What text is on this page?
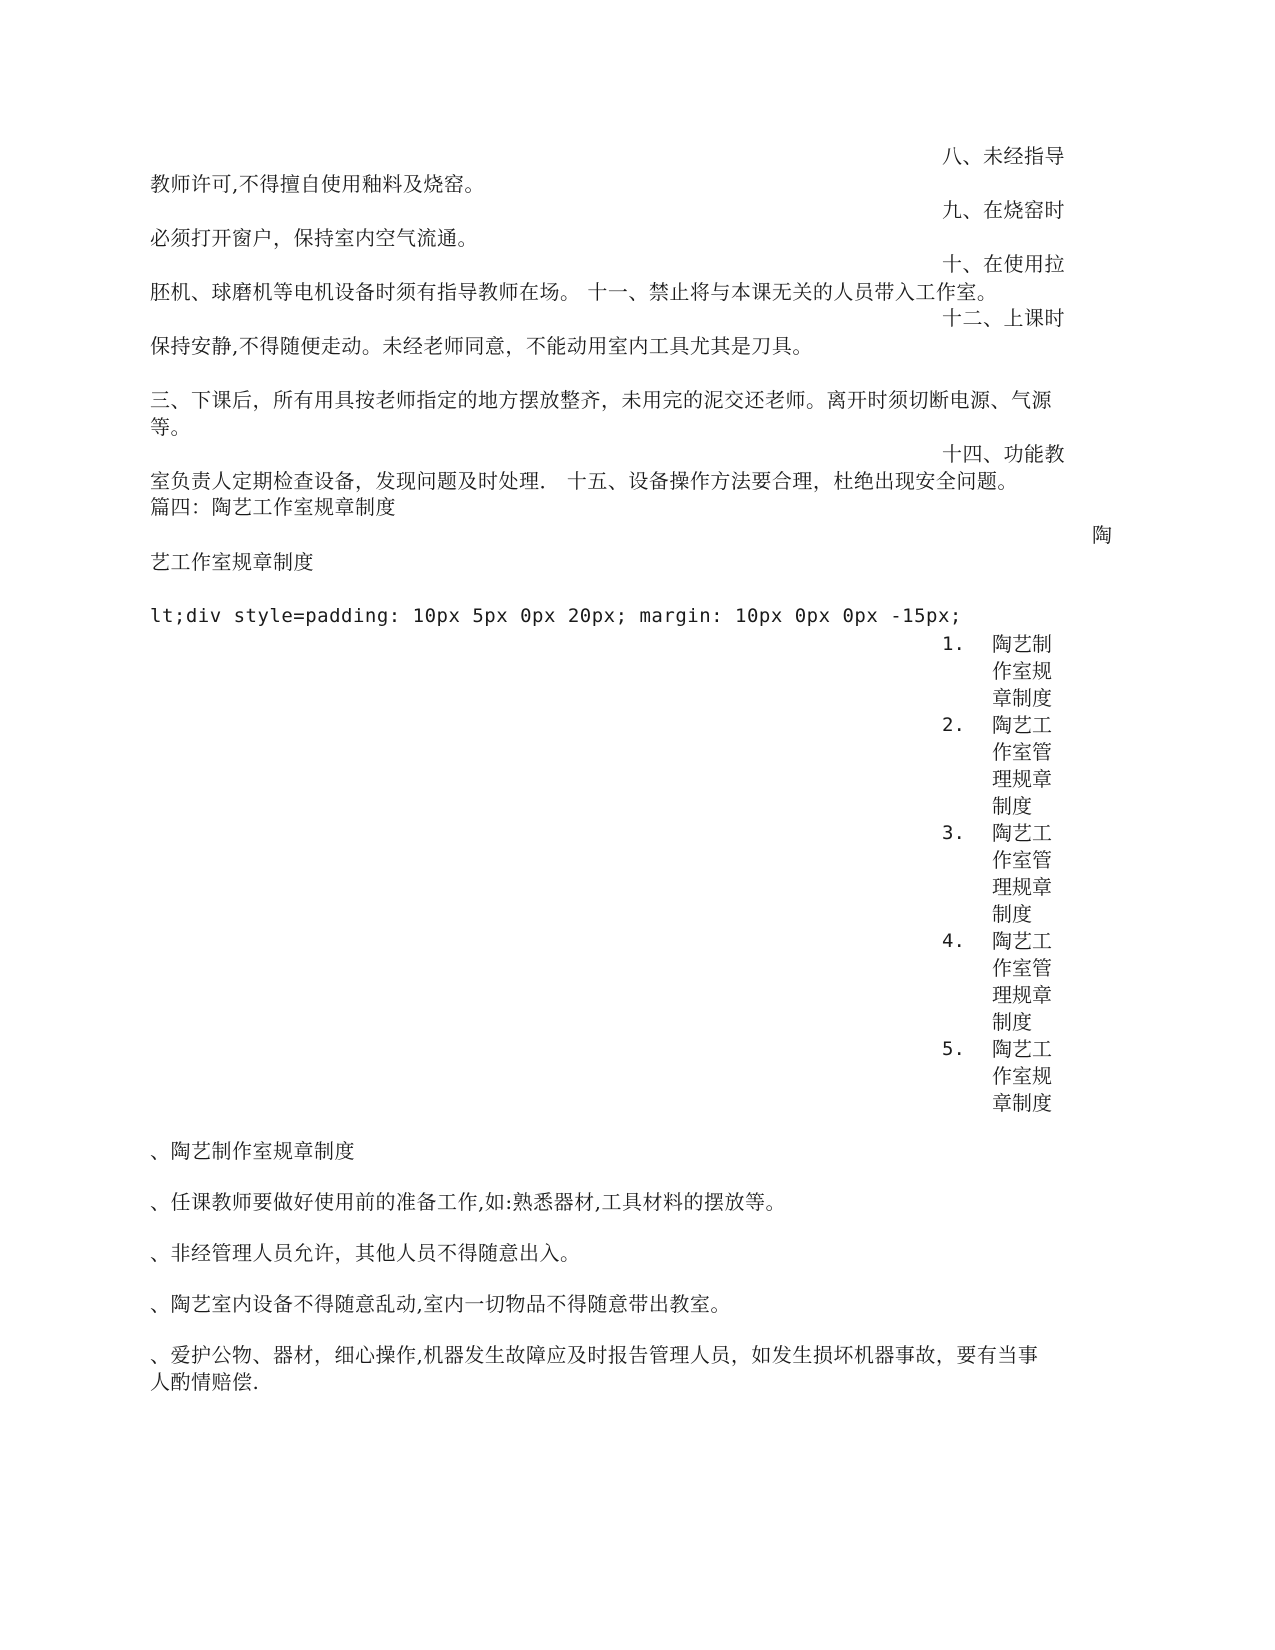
八、未经指导
教师许可,不得擅自使用釉料及烧窑。
九、在烧窑时
必须打开窗户，保持室内空气流通。
十、在使用拉
胚机、球磨机等电机设备时须有指导教师在场。 十一、禁止将与本课无关的人员带入工作室。
十二、上课时
保持安静,不得随便走动。未经老师同意，不能动用室内工具尤其是刀具。
三、下课后，所有用具按老师指定的地方摆放整齐，未用完的泥交还老师。离开时须切断电源、气源
等。
十四、功能教
室负责人定期检查设备，发现问题及时处理． 十五、设备操作方法要合理，杜绝出现安全问题。
篇四：陶艺工作室规章制度
陶
艺工作室规章制度
lt;div style=padding: 10px 5px 0px 20px; margin: 10px 0px 0px -15px;
1. 陶艺制
作室规
章制度
2. 陶艺工
作室管
理规章
制度
3. 陶艺工
作室管
理规章
制度
4. 陶艺工
作室管
理规章
制度
5. 陶艺工
作室规
章制度
、陶艺制作室规章制度
、任课教师要做好使用前的准备工作,如:熟悉器材,工具材料的摆放等。
、非经管理人员允许，其他人员不得随意出入。
、陶艺室内设备不得随意乱动,室内一切物品不得随意带出教室。
、爱护公物、器材，细心操作,机器发生故障应及时报告管理人员，如发生损坏机器事故，要有当事
人酌情赔偿.
